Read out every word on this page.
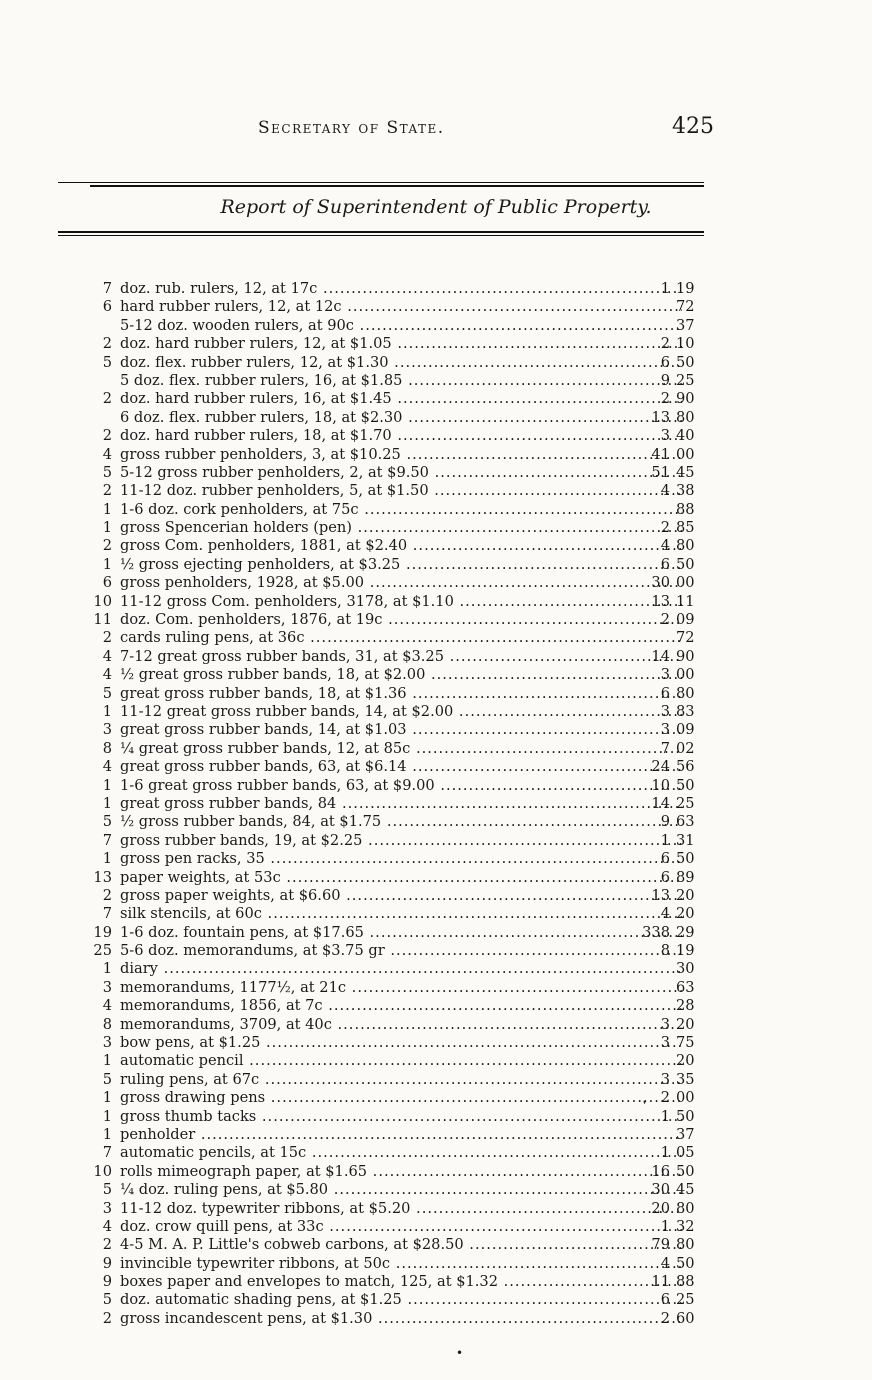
Secretary of State.	425
Report of Superintendent of Public Property.
7 doz. rub. rulers, 12, at 17c .....	1 19
6 hard rubber rulers, 12, at 12c .....	72
5-12 doz. wooden rulers, at 90c .....	37
2 doz. hard rubber rulers, 12, at $1.05 .....	2 10
5 doz. flex. rubber rulers, 12, at $1.30 .....	6 50
5 doz. flex. rubber rulers, 16, at $1.85 .....	9 25
2 doz. hard rubber rulers, 16, at $1.45 .....	2 90
6 doz. flex. rubber rulers, 18, at $2.30 .....	13 80
2 doz. hard rubber rulers, 18, at $1.70 .....	3 40
4 gross rubber penholders, 3, at $10.25 .....	41 00
5 5-12 gross rubber penholders, 2, at $9.50 .....	51 45
2 11-12 doz. rubber penholders, 5, at $1.50 .....	4 38
1 1-6 doz. cork penholders, at 75c .....	88
1 gross Spencerian holders (pen) .....	2 85
2 gross Com. penholders, 1881, at $2.40 .....	4 80
1 ½ gross ejecting penholders, at $3.25 .....	6 50
6 gross penholders, 1928, at $5.00 .....	30 00
10 11-12 gross Com. penholders, 3178, at $1.10 .....	13 11
11 doz. Com. penholders, 1876, at 19c .....	2 09
2 cards ruling pens, at 36c .....	72
4 7-12 great gross rubber bands, 31, at $3.25 .....	14 90
4 ½ great gross rubber bands, 18, at $2.00 .....	3 00
5 great gross rubber bands, 18, at $1.36 .....	6 80
1 11-12 great gross rubber bands, 14, at $2.00 .....	3 83
3 great gross rubber bands, 14, at $1.03 .....	3 09
8 ¼ great gross rubber bands, 12, at 85c .....	7 02
4 great gross rubber bands, 63, at $6.14 .....	24 56
1 1-6 great gross rubber bands, 63, at $9.00 .....	10 50
1 great gross rubber bands, 84 .....	14 25
5 ½ gross rubber bands, 84, at $1.75 .....	9 63
7 gross rubber bands, 19, at $2.25 .....	1 31
1 gross pen racks, 35 .....	6 50
13 paper weights, at 53c .....	6 89
2 gross paper weights, at $6.60 .....	13 20
7 silk stencils, at 60c .....	4 20
19 1-6 doz. fountain pens, at $17.65 .....	338 29
25 5-6 doz. memorandums, at $3.75 gr .....	8 19
1 diary .....	30
3 memorandums, 1177½, at 21c .....	63
4 memorandums, 1856, at 7c .....	28
8 memorandums, 3709, at 40c .....	3 20
3 bow pens, at $1.25 .....	3 75
1 automatic pencil .....	20
5 ruling pens, at 67c .....	3 35
1 gross drawing pens .....	2 00
1 gross thumb tacks .....	1 50
1 penholder .....	37
7 automatic pencils, at 15c .....	1 05
10 rolls mimeograph paper, at $1.65 .....	16 50
5 ¼ doz. ruling pens, at $5.80 .....	30 45
3 11-12 doz. typewriter ribbons, at $5.20 .....	20 80
4 doz. crow quill pens, at 33c .....	1 32
2 4-5 M. A. P. Little's cobweb carbons, at $28.50 .....	79 80
9 invincible typewriter ribbons, at 50c .....	4 50
9 boxes paper and envelopes to match, 125, at $1.32 .....	11 88
5 doz. automatic shading pens, at $1.25 .....	6 25
2 gross incandescent pens, at $1.30 .....	2 60
•
❜
